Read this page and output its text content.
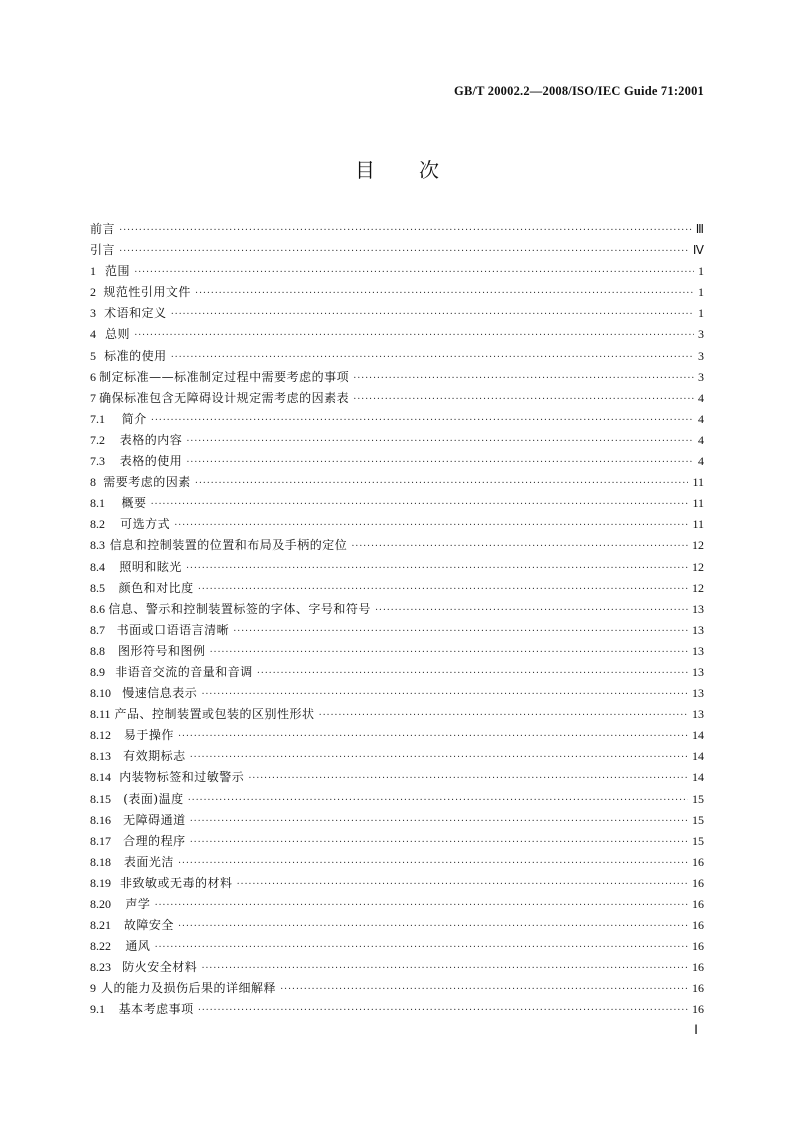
GB/T 20002.2—2008/ISO/IEC Guide 71:2001
目次
前言 ·····	Ⅲ
引言 ·····	Ⅳ
1 范围 ·····	1
2 规范性引用文件 ·····	1
3 术语和定义 ·····	1
4 总则 ·····	3
5 标准的使用 ·····	3
6 制定标准——标准制定过程中需要考虑的事项 ·····	3
7 确保标准包含无障碍设计规定需考虑的因素表 ·····	4
7.1	简介 ·····	4
7.2	表格的内容 ·····	4
7.3	表格的使用 ·····	4
8 需要考虑的因素 ·····	11
8.1	概要 ·····	11
8.2	可选方式 ·····	11
8.3 信息和控制装置的位置和布局及手柄的定位 ·····	12
8.4	照明和眩光 ·····	12
8.5	颜色和对比度 ·····	12
8.6 信息、警示和控制装置标签的字体、字号和符号 ·····	13
8.7 书面或口语语言清晰 ·····	13
8.8	图形符号和图例 ·····	13
8.9 非语音交流的音量和音调 ·····	13
8.10 慢速信息表示 ·····	13
8.11 产品、控制装置或包装的区别性形状 ·····	13
8.12	易于操作 ·····	14
8.13	有效期标志 ·····	14
8.14 内装物标签和过敏警示 ·····	14
8.15	(表面)温度 ·····	15
8.16	无障碍通道 ·····	15
8.17	合理的程序 ·····	15
8.18	表面光洁 ·····	16
8.19 非致敏或无毒的材料 ·····	16
8.20	声学 ·····	16
8.21	故障安全 ·····	16
8.22	通风 ·····	16
8.23 防火安全材料 ·····	16
9 人的能力及损伤后果的详细解释 ·····	16
9.1	基本考虑事项 ·····	16
Ⅰ
